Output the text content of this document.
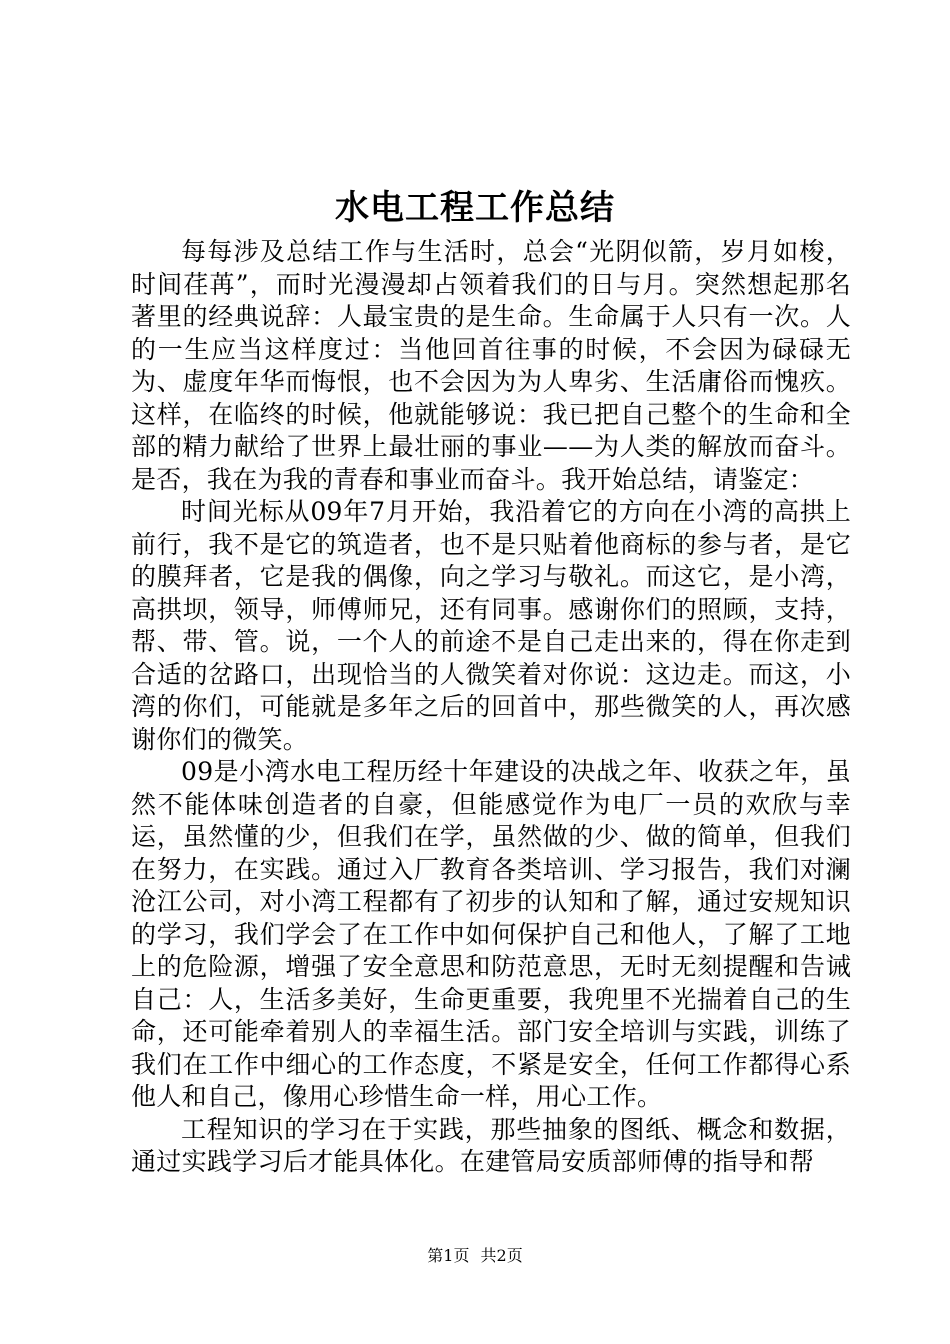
水电工程工作总结

每每涉及总结工作与生活时，总会“光阴似箭，岁月如梭，时间荏苒”，而时光漫漫却占领着我们的日与月。突然想起那名著里的经典说辞：人最宝贵的是生命。生命属于人只有一次。人的一生应当这样度过：当他回首往事的时候，不会因为碌碌无为、虚度年华而悔恨，也不会因为为人卑劣、生活庸俗而愧疚。这样，在临终的时候，他就能够说：我已把自己整个的生命和全部的精力献给了世界上最壮丽的事业——为人类的解放而奋斗。是否，我在为我的青春和事业而奋斗。我开始总结，请鉴定：

时间光标从09年7月开始，我沿着它的方向在小湾的高拱上前行，我不是它的筑造者，也不是只贴着他商标的参与者，是它的膜拜者，它是我的偶像，向之学习与敬礼。而这它，是小湾，高拱坝，领导，师傅师兄，还有同事。感谢你们的照顾，支持，帮、带、管。说，一个人的前途不是自己走出来的，得在你走到合适的岔路口，出现恰当的人微笑着对你说：这边走。而这，小湾的你们，可能就是多年之后的回首中，那些微笑的人，再次感谢你们的微笑。

09是小湾水电工程历经十年建设的决战之年、收获之年，虽然不能体味创造者的自豪，但能感觉作为电厂一员的欢欣与幸运，虽然懂的少，但我们在学，虽然做的少、做的简单，但我们在努力，在实践。通过入厂教育各类培训、学习报告，我们对澜沧江公司，对小湾工程都有了初步的认知和了解，通过安规知识的学习，我们学会了在工作中如何保护自己和他人，了解了工地上的危险源，增强了安全意思和防范意思，无时无刻提醒和告诫自己：人，生活多美好，生命更重要，我兜里不光揣着自己的生命，还可能牵着别人的幸福生活。部门安全培训与实践，训练了我们在工作中细心的工作态度，不紧是安全，任何工作都得心系他人和自己，像用心珍惜生命一样，用心工作。

工程知识的学习在于实践，那些抽象的图纸、概念和数据，通过实践学习后才能具体化。在建管局安质部师傅的指导和帮

第1页 共2页
